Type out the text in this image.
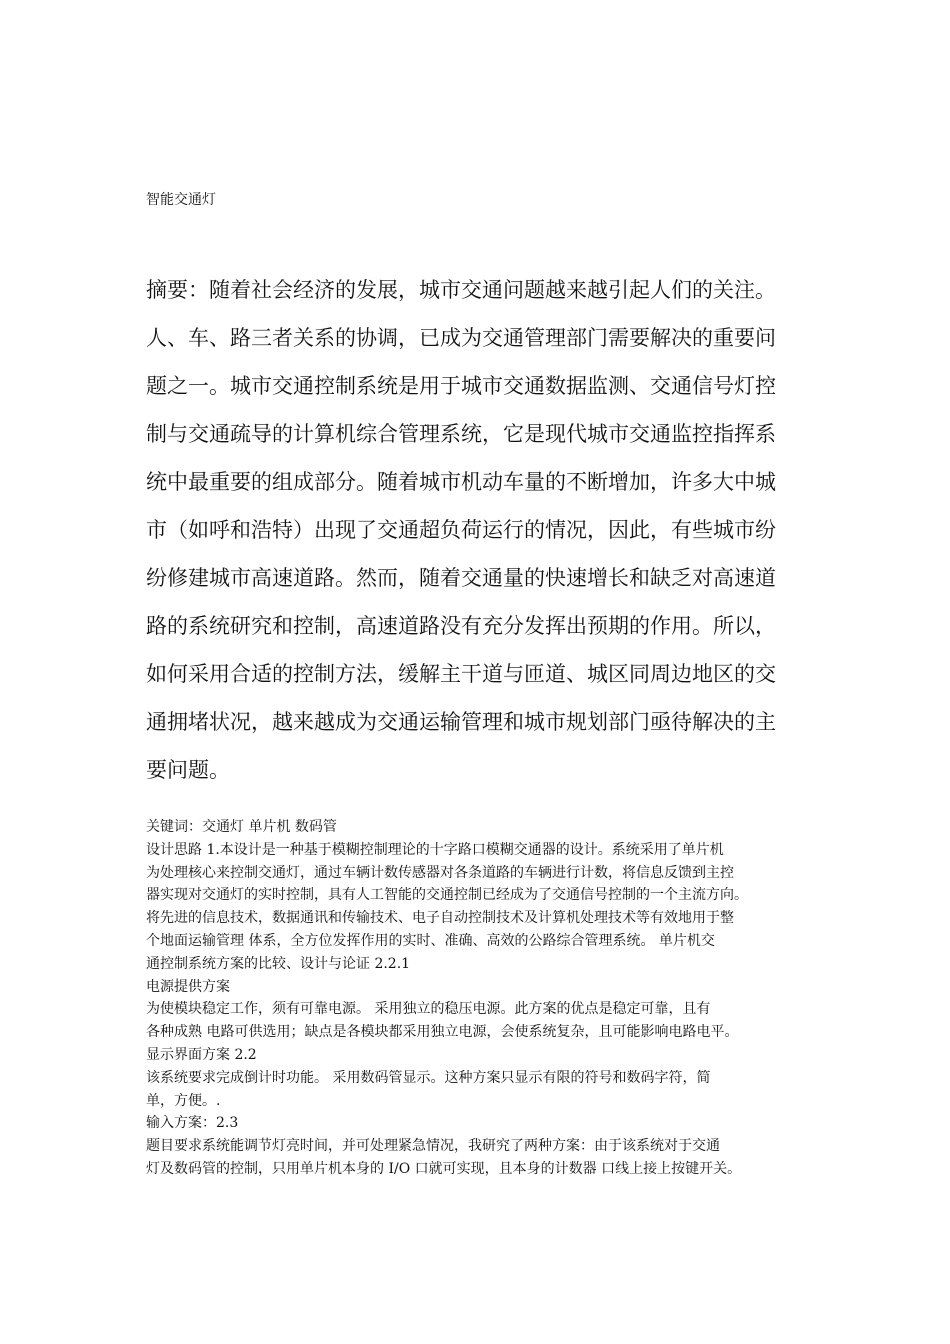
智能交通灯
摘要：随着社会经济的发展，城市交通问题越来越引起人们的关注。
人、车、路三者关系的协调，已成为交通管理部门需要解决的重要问
题之一。城市交通控制系统是用于城市交通数据监测、交通信号灯控
制与交通疏导的计算机综合管理系统，它是现代城市交通监控指挥系
统中最重要的组成部分。随着城市机动车量的不断增加，许多大中城
市（如呼和浩特）出现了交通超负荷运行的情况，因此，有些城市纷
纷修建城市高速道路。然而，随着交通量的快速增长和缺乏对高速道
路的系统研究和控制，高速道路没有充分发挥出预期的作用。所以，
如何采用合适的控制方法，缓解主干道与匝道、城区同周边地区的交
通拥堵状况，越来越成为交通运输管理和城市规划部门亟待解决的主
要问题。
关键词：交通灯 单片机 数码管
设计思路 1.本设计是一种基于模糊控制理论的十字路口模糊交通器的设计。系统采用了单片机
为处理核心来控制交通灯，通过车辆计数传感器对各条道路的车辆进行计数，将信息反馈到主控
器实现对交通灯的实时控制，具有人工智能的交通控制已经成为了交通信号控制的一个主流方向。
将先进的信息技术，数据通讯和传输技术、电子自动控制技术及计算机处理技术等有效地用于整
个地面运输管理 体系，全方位发挥作用的实时、准确、高效的公路综合管理系统。 单片机交
通控制系统方案的比较、设计与论证 2.2.1
电源提供方案
为使模块稳定工作，须有可靠电源。 采用独立的稳压电源。此方案的优点是稳定可靠，且有
各种成熟 电路可供选用；缺点是各模块都采用独立电源，会使系统复杂，且可能影响电路电平。
显示界面方案 2.2
该系统要求完成倒计时功能。 采用数码管显示。这种方案只显示有限的符号和数码字符，简
单，方便。.
输入方案：2.3
题目要求系统能调节灯亮时间，并可处理紧急情况，我研究了两种方案：由于该系统对于交通
灯及数码管的控制，只用单片机本身的 I/O 口就可实现，且本身的计数器 口线上接上按键开关。
